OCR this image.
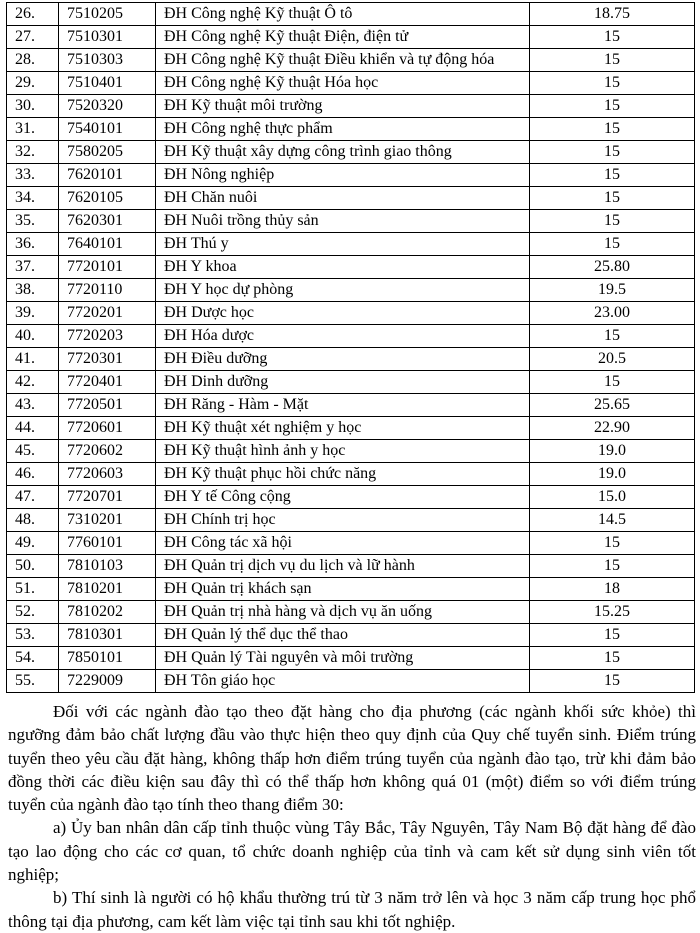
26.	7510205	ĐH Công nghệ Kỹ thuật Ô tô	18.75
27.	7510301	ĐH Công nghệ Kỹ thuật Điện, điện tử	15
28.	7510303	ĐH Công nghệ Kỹ thuật Điều khiển và tự động hóa	15
29.	7510401	ĐH Công nghệ Kỹ thuật Hóa học	15
30.	7520320	ĐH Kỹ thuật môi trường	15
31.	7540101	ĐH Công nghệ thực phẩm	15
32.	7580205	ĐH Kỹ thuật xây dựng công trình giao thông	15
33.	7620101	ĐH Nông nghiệp	15
34.	7620105	ĐH Chăn nuôi	15
35.	7620301	ĐH Nuôi trồng thủy sản	15
36.	7640101	ĐH Thú y	15
37.	7720101	ĐH Y khoa	25.80
38.	7720110	ĐH Y học dự phòng	19.5
39.	7720201	ĐH Dược học	23.00
40.	7720203	ĐH Hóa dược	15
41.	7720301	ĐH Điều dưỡng	20.5
42.	7720401	ĐH Dinh dưỡng	15
43.	7720501	ĐH Răng - Hàm - Mặt	25.65
44.	7720601	ĐH Kỹ thuật xét nghiệm y học	22.90
45.	7720602	ĐH Kỹ thuật hình ảnh y học	19.0
46.	7720603	ĐH Kỹ thuật phục hồi chức năng	19.0
47.	7720701	ĐH Y tế Công cộng	15.0
48.	7310201	ĐH Chính trị học	14.5
49.	7760101	ĐH Công tác xã hội	15
50.	7810103	ĐH Quản trị dịch vụ du lịch và lữ hành	15
51.	7810201	ĐH Quản trị khách sạn	18
52.	7810202	ĐH Quản trị nhà hàng và dịch vụ ăn uống	15.25
53.	7810301	ĐH Quản lý thể dục thể thao	15
54.	7850101	ĐH Quản lý Tài nguyên và môi trường	15
55.	7229009	ĐH Tôn giáo học	15

Đối với các ngành đào tạo theo đặt hàng cho địa phương (các ngành khối sức khỏe) thì ngưỡng đảm bảo chất lượng đầu vào thực hiện theo quy định của Quy chế tuyển sinh. Điểm trúng tuyển theo yêu cầu đặt hàng, không thấp hơn điểm trúng tuyển của ngành đào tạo, trừ khi đảm bảo đồng thời các điều kiện sau đây thì có thể thấp hơn không quá 01 (một) điểm so với điểm trúng tuyển của ngành đào tạo tính theo thang điểm 30:

a) Ủy ban nhân dân cấp tỉnh thuộc vùng Tây Bắc, Tây Nguyên, Tây Nam Bộ đặt hàng để đào tạo lao động cho các cơ quan, tổ chức doanh nghiệp của tỉnh và cam kết sử dụng sinh viên tốt nghiệp;

b) Thí sinh là người có hộ khẩu thường trú từ 3 năm trở lên và học 3 năm cấp trung học phổ thông tại địa phương, cam kết làm việc tại tỉnh sau khi tốt nghiệp.
